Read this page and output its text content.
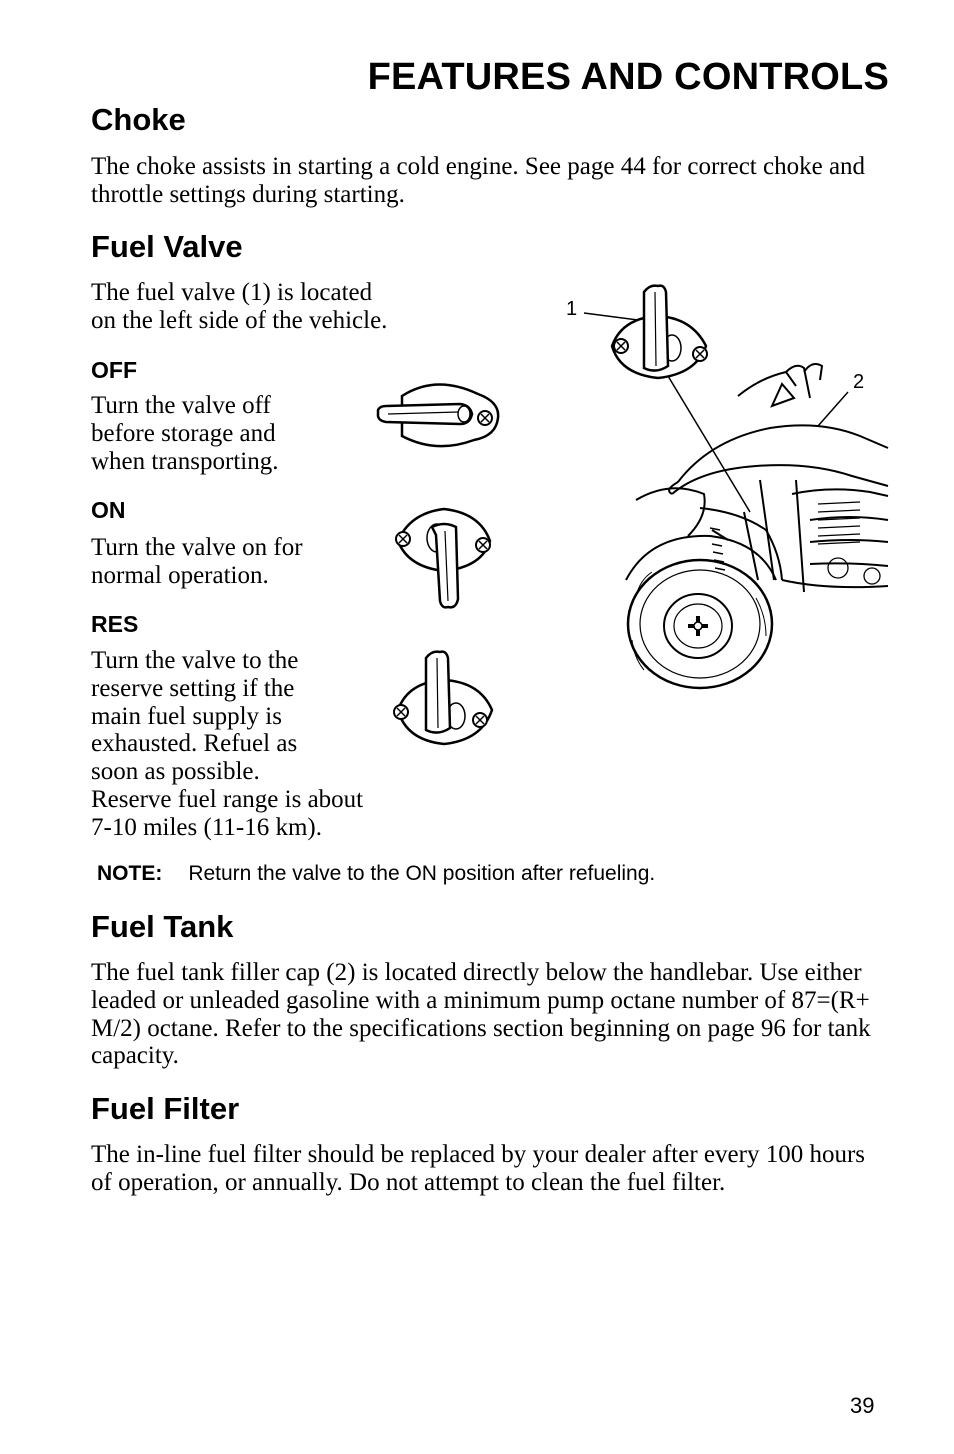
FEATURES AND CONTROLS
Choke

The choke assists in starting a cold engine. See page 44 for correct choke and throttle settings during starting.

Fuel Valve

The fuel valve (1) is located
on the left side of the vehicle.

OFF

Turn the valve off
before storage and
when transporting.

ON

Turn the valve on for
normal operation.

RES

Turn the valve to the
reserve setting if the
main fuel supply is
exhausted. Refuel as
soon as possible.
Reserve fuel range is about
7-10 miles (11-16 km).

1
2
NOTE: Return the valve to the ON position after refueling.
Fuel Tank

The fuel tank filler cap (2) is located directly below the handlebar. Use either leaded or unleaded gasoline with a minimum pump octane number of 87=(R+ M/2) octane. Refer to the specifications section beginning on page 96 for tank capacity.

Fuel Filter

The in-line fuel filter should be replaced by your dealer after every 100 hours of operation, or annually. Do not attempt to clean the fuel filter.

39
